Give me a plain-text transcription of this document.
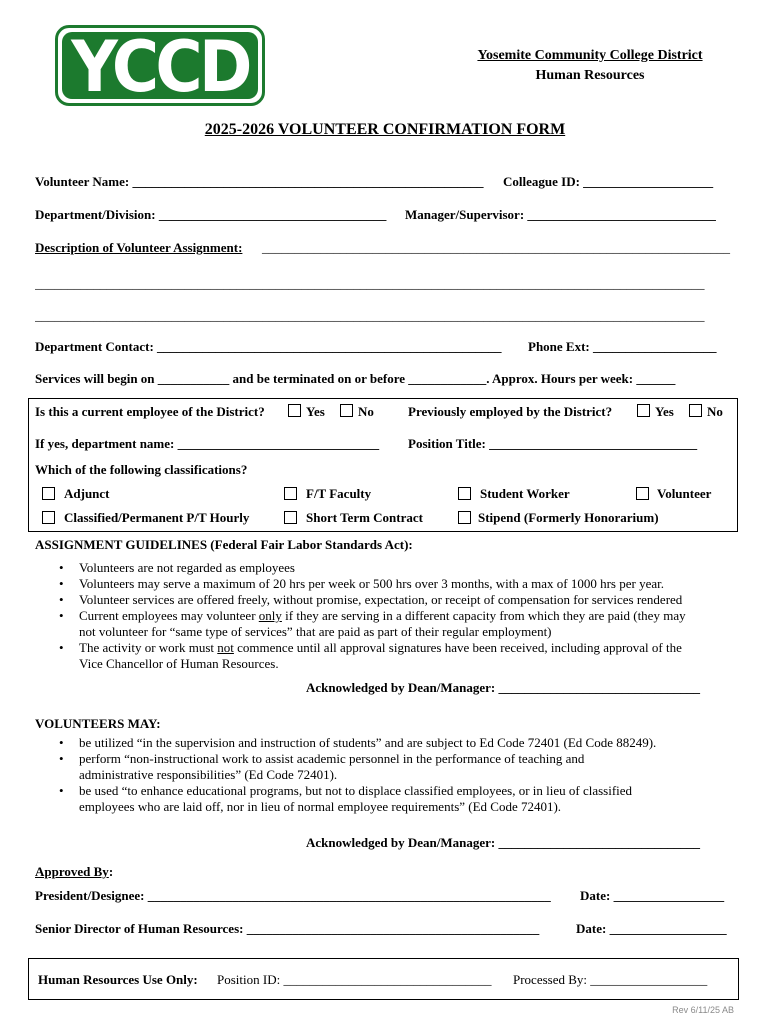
YCCD	Yosemite Community College District
Human Resources
2025-2026 VOLUNTEER CONFIRMATION FORM
Volunteer Name: ______________________________________________________ Colleague ID: ____________________
Department/Division: ___________________________________ Manager/Supervisor: _____________________________
Description of Volunteer Assignment: ________________________________________________________________________
_______________________________________________________________________________________________________
_______________________________________________________________________________________________________
Department Contact: _____________________________________________________ Phone Ext: ___________________
Services will begin on ___________ and be terminated on or before ____________. Approx. Hours per week: ______
Is this a current employee of the District?	Yes	No	Previously employed by the District?	Yes	No
If yes, department name: _______________________________ Position Title: ________________________________
Which of the following classifications?
Adjunct	F/T Faculty	Student Worker	Volunteer
Classified/Permanent P/T Hourly	Short Term Contract	Stipend (Formerly Honorarium)
ASSIGNMENT GUIDELINES (Federal Fair Labor Standards Act):
• Volunteers are not regarded as employees
• Volunteers may serve a maximum of 20 hrs per week or 500 hrs over 3 months, with a max of 1000 hrs per year.
• Volunteer services are offered freely, without promise, expectation, or receipt of compensation for services rendered
• Current employees may volunteer only if they are serving in a different capacity from which they are paid (they may
not volunteer for “same type of services” that are paid as part of their regular employment)
• The activity or work must not commence until all approval signatures have been received, including approval of the
Vice Chancellor of Human Resources.
Acknowledged by Dean/Manager: _______________________________
VOLUNTEERS MAY:
• be utilized “in the supervision and instruction of students” and are subject to Ed Code 72401 (Ed Code 88249).
• perform “non-instructional work to assist academic personnel in the performance of teaching and
administrative responsibilities” (Ed Code 72401).
• be used “to enhance educational programs, but not to displace classified employees, or in lieu of classified
employees who are laid off, nor in lieu of normal employee requirements” (Ed Code 72401).
Acknowledged by Dean/Manager: _______________________________
Approved By:
President/Designee: ______________________________________________________________ Date: _________________
Senior Director of Human Resources: _____________________________________________	Date: __________________
Human Resources Use Only: Position ID: ________________________________ Processed By: __________________
Rev 6/11/25 AB
